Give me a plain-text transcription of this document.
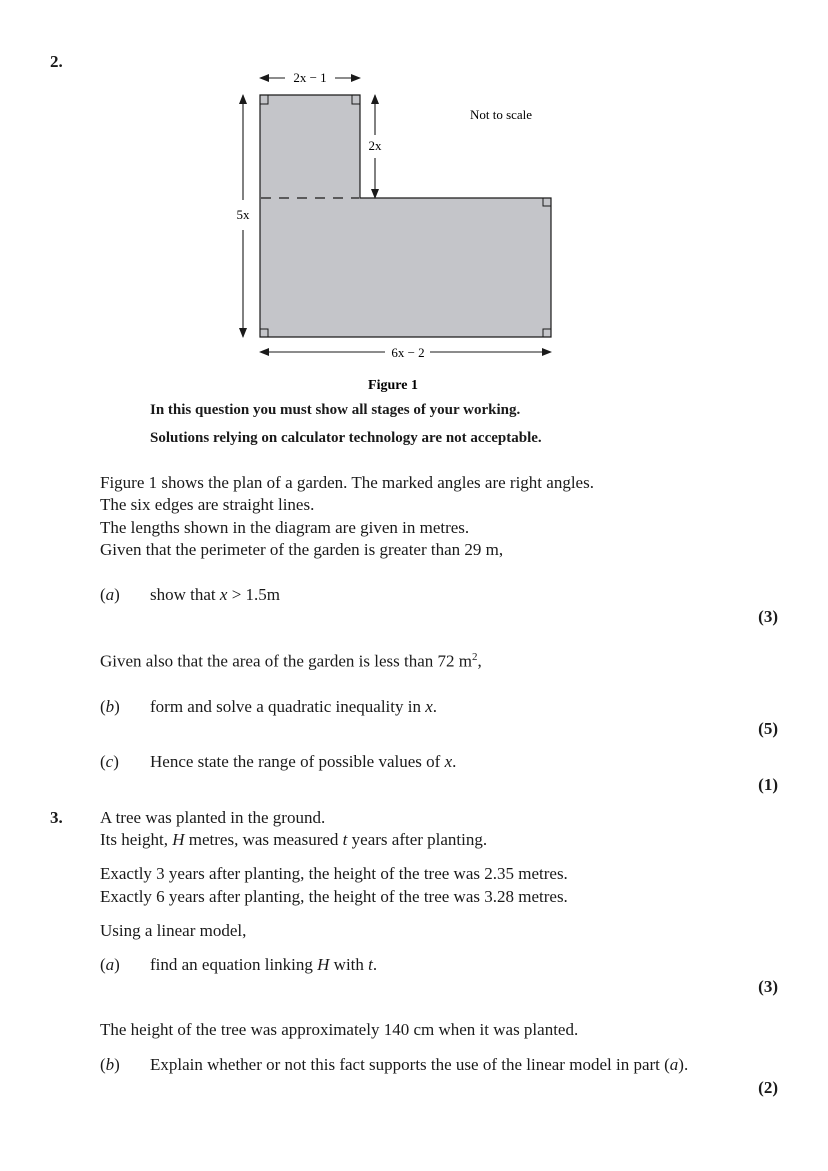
2.
2x − 1
5x
2x
6x − 2
Not to scale
Figure 1
In this question you must show all stages of your working.
Solutions relying on calculator technology are not acceptable.
Figure 1 shows the plan of a garden. The marked angles are right angles.
The six edges are straight lines.
The lengths shown in the diagram are given in metres.
Given that the perimeter of the garden is greater than 29 m,
(a) show that x > 1.5m
(3)
Given also that the area of the garden is less than 72 $m^2$,
(b) form and solve a quadratic inequality in x.
(5)
(c) Hence state the range of possible values of x.
(1)
3. A tree was planted in the ground.
Its height, H metres, was measured t years after planting.
Exactly 3 years after planting, the height of the tree was 2.35 metres.
Exactly 6 years after planting, the height of the tree was 3.28 metres.
Using a linear model,
(a) find an equation linking H with t.
(3)
The height of the tree was approximately 140 cm when it was planted.
(b) Explain whether or not this fact supports the use of the linear model in part (a).
(2)
